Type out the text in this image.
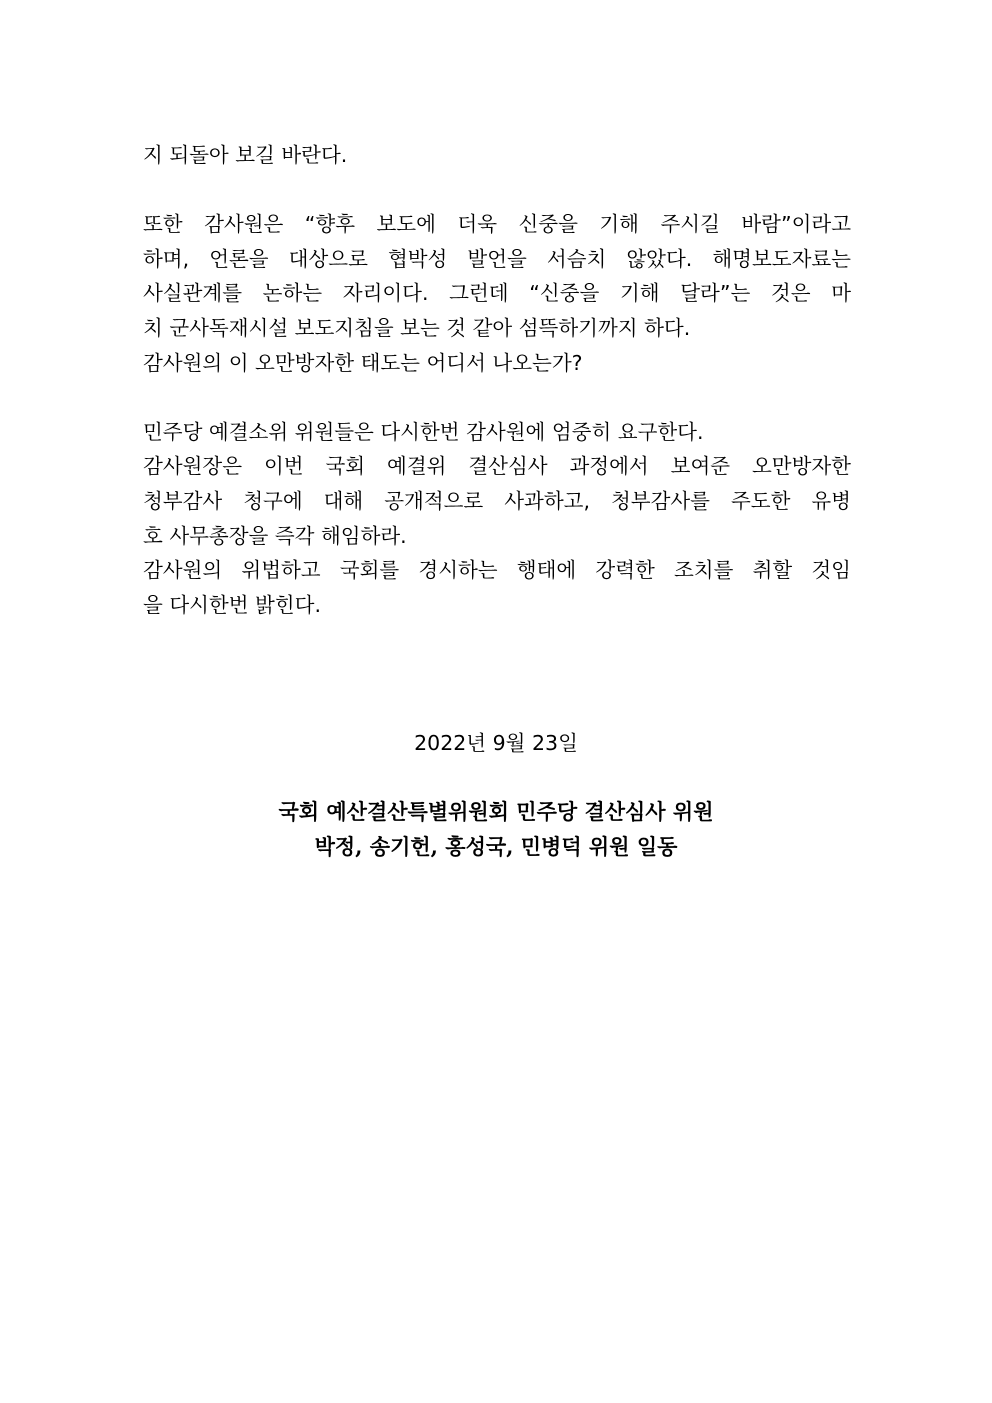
지 되돌아 보길 바란다.
또한 감사원은 “향후 보도에 더욱 신중을 기해 주시길 바람”이라고
하며, 언론을 대상으로 협박성 발언을 서슴치 않았다. 해명보도자료는
사실관계를 논하는 자리이다. 그런데 “신중을 기해 달라”는 것은 마
치 군사독재시설 보도지침을 보는 것 같아 섬뜩하기까지 하다.
감사원의 이 오만방자한 태도는 어디서 나오는가?
민주당 예결소위 위원들은 다시한번 감사원에 엄중히 요구한다.
감사원장은 이번 국회 예결위 결산심사 과정에서 보여준 오만방자한
청부감사 청구에 대해 공개적으로 사과하고, 청부감사를 주도한 유병
호 사무총장을 즉각 해임하라.
감사원의 위법하고 국회를 경시하는 행태에 강력한 조치를 취할 것임
을 다시한번 밝힌다.
2022년 9월 23일
국회 예산결산특별위원회 민주당 결산심사 위원
박정, 송기헌, 홍성국, 민병덕 위원 일동
